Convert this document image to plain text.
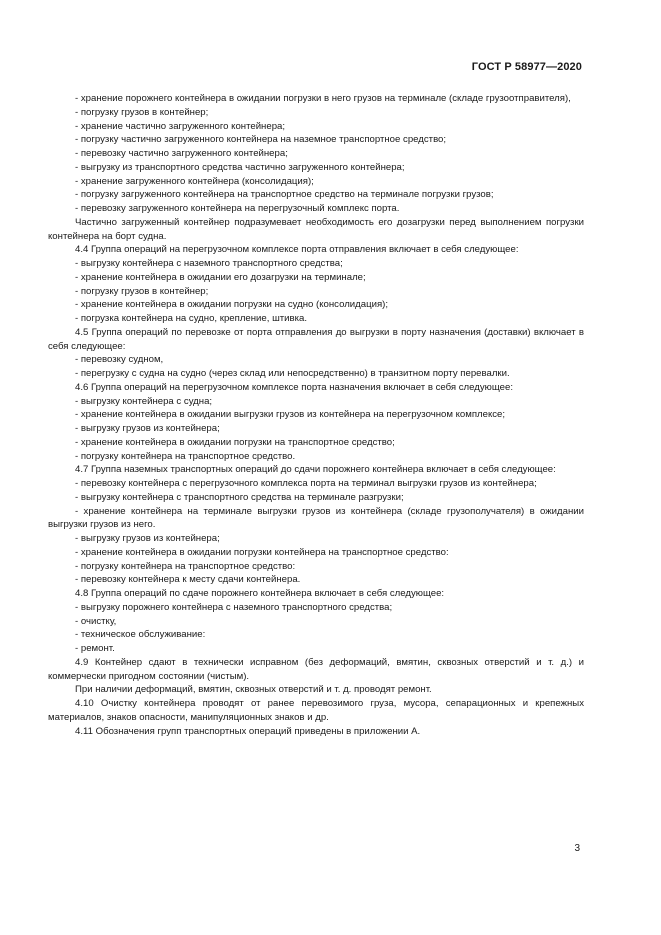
ГОСТ Р 58977—2020

- хранение порожнего контейнера в ожидании погрузки в него грузов на терминале (складе грузоотправителя),

- погрузку грузов в контейнер;

- хранение частично загруженного контейнера;

- погрузку частично загруженного контейнера на наземное транспортное средство;

- перевозку частично загруженного контейнера;

- выгрузку из транспортного средства частично загруженного контейнера;

- хранение загруженного контейнера (консолидация);

- погрузку загруженного контейнера на транспортное средство на терминале погрузки грузов;

- перевозку загруженного контейнера на перегрузочный комплекс порта.

Частично загруженный контейнер подразумевает необходимость его дозагрузки перед выполнением погрузки контейнера на борт судна.

4.4 Группа операций на перегрузочном комплексе порта отправления включает в себя следующее:

- выгрузку контейнера с наземного транспортного средства;

- хранение контейнера в ожидании его дозагрузки на терминале;

- погрузку грузов в контейнер;

- хранение контейнера в ожидании погрузки на судно (консолидация);

- погрузка контейнера на судно, крепление, штивка.

4.5 Группа операций по перевозке от порта отправления до выгрузки в порту назначения (доставки) включает в себя следующее:

- перевозку судном,

- перегрузку с судна на судно (через склад или непосредственно) в транзитном порту перевалки.

4.6 Группа операций на перегрузочном комплексе порта назначения включает в себя следующее:

- выгрузку контейнера с судна;

- хранение контейнера в ожидании выгрузки грузов из контейнера на перегрузочном комплексе;

- выгрузку грузов из контейнера;

- хранение контейнера в ожидании погрузки на транспортное средство;

- погрузку контейнера на транспортное средство.

4.7 Группа наземных транспортных операций до сдачи порожнего контейнера включает в себя следующее:

- перевозку контейнера с перегрузочного комплекса порта на терминал выгрузки грузов из контейнера;

- выгрузку контейнера с транспортного средства на терминале разгрузки;

- хранение контейнера на терминале выгрузки грузов из контейнера (складе грузополучателя) в ожидании выгрузки грузов из него.

- выгрузку грузов из контейнера;

- хранение контейнера в ожидании погрузки контейнера на транспортное средство:

- погрузку контейнера на транспортное средство:

- перевозку контейнера к месту сдачи контейнера.

4.8 Группа операций по сдаче порожнего контейнера включает в себя следующее:

- выгрузку порожнего контейнера с наземного транспортного средства;

- очистку,

- техническое обслуживание:

- ремонт.

4.9 Контейнер сдают в технически исправном (без деформаций, вмятин, сквозных отверстий и т. д.) и коммерчески пригодном состоянии (чистым).

При наличии деформаций, вмятин, сквозных отверстий и т. д. проводят ремонт.

4.10 Очистку контейнера проводят от ранее перевозимого груза, мусора, сепарационных и крепежных материалов, знаков опасности, манипуляционных знаков и др.

4.11 Обозначения групп транспортных операций приведены в приложении А.

3
